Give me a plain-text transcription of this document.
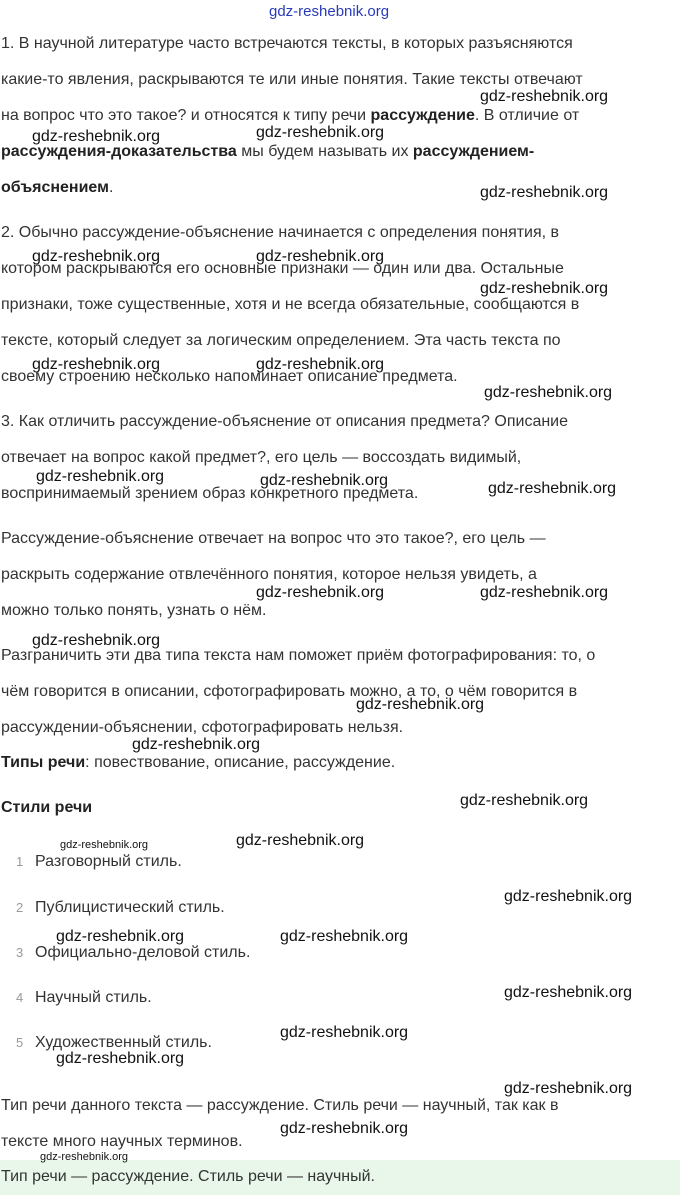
1. В научной литературе часто встречаются тексты, в которых разъясняются
какие-то явления, раскрываются те или иные понятия. Такие тексты отвечают
на вопрос что это такое? и относятся к типу речи рассуждение. В отличие от
рассуждения-доказательства мы будем называть их рассуждением-
объяснением.
2. Обычно рассуждение-объяснение начинается с определения понятия, в
котором раскрываются его основные признаки — один или два. Остальные
признаки, тоже существенные, хотя и не всегда обязательные, сообщаются в
тексте, который следует за логическим определением. Эта часть текста по
своему строению несколько напоминает описание предмета.
3. Как отличить рассуждение-объяснение от описания предмета? Описание
отвечает на вопрос какой предмет?, его цель — воссоздать видимый,
воспринимаемый зрением образ конкретного предмета.
Рассуждение-объяснение отвечает на вопрос что это такое?, его цель —
раскрыть содержание отвлечённого понятия, которое нельзя увидеть, а
можно только понять, узнать о нём.
Разграничить эти два типа текста нам поможет приём фотографирования: то, о
чём говорится в описании, сфотографировать можно, а то, о чём говорится в
рассуждении-объяснении, сфотографировать нельзя.
Типы речи: повествование, описание, рассуждение.
Стили речи
1 Разговорный стиль.
2 Публицистический стиль.
3 Официально-деловой стиль.
4 Научный стиль.
5 Художественный стиль.
Тип речи данного текста — рассуждение. Стиль речи — научный, так как в
тексте много научных терминов.
Тип речи — рассуждение. Стиль речи — научный.
gdz-reshebnik.org
gdz-reshebnik.org
gdz-reshebnik.org
gdz-reshebnik.org
gdz-reshebnik.org
gdz-reshebnik.org	gdz-reshebnik.org
gdz-reshebnik.org
gdz-reshebnik.org	gdz-reshebnik.org
gdz-reshebnik.org
gdz-reshebnik.org	gdz-reshebnik.org	gdz-reshebnik.org
gdz-reshebnik.org	gdz-reshebnik.org
gdz-reshebnik.org
gdz-reshebnik.org
gdz-reshebnik.org
gdz-reshebnik.org
gdz-reshebnik.org	gdz-reshebnik.org
gdz-reshebnik.org
gdz-reshebnik.org	gdz-reshebnik.org
gdz-reshebnik.org
gdz-reshebnik.org
gdz-reshebnik.org
gdz-reshebnik.org
gdz-reshebnik.org
gdz-reshebnik.org
